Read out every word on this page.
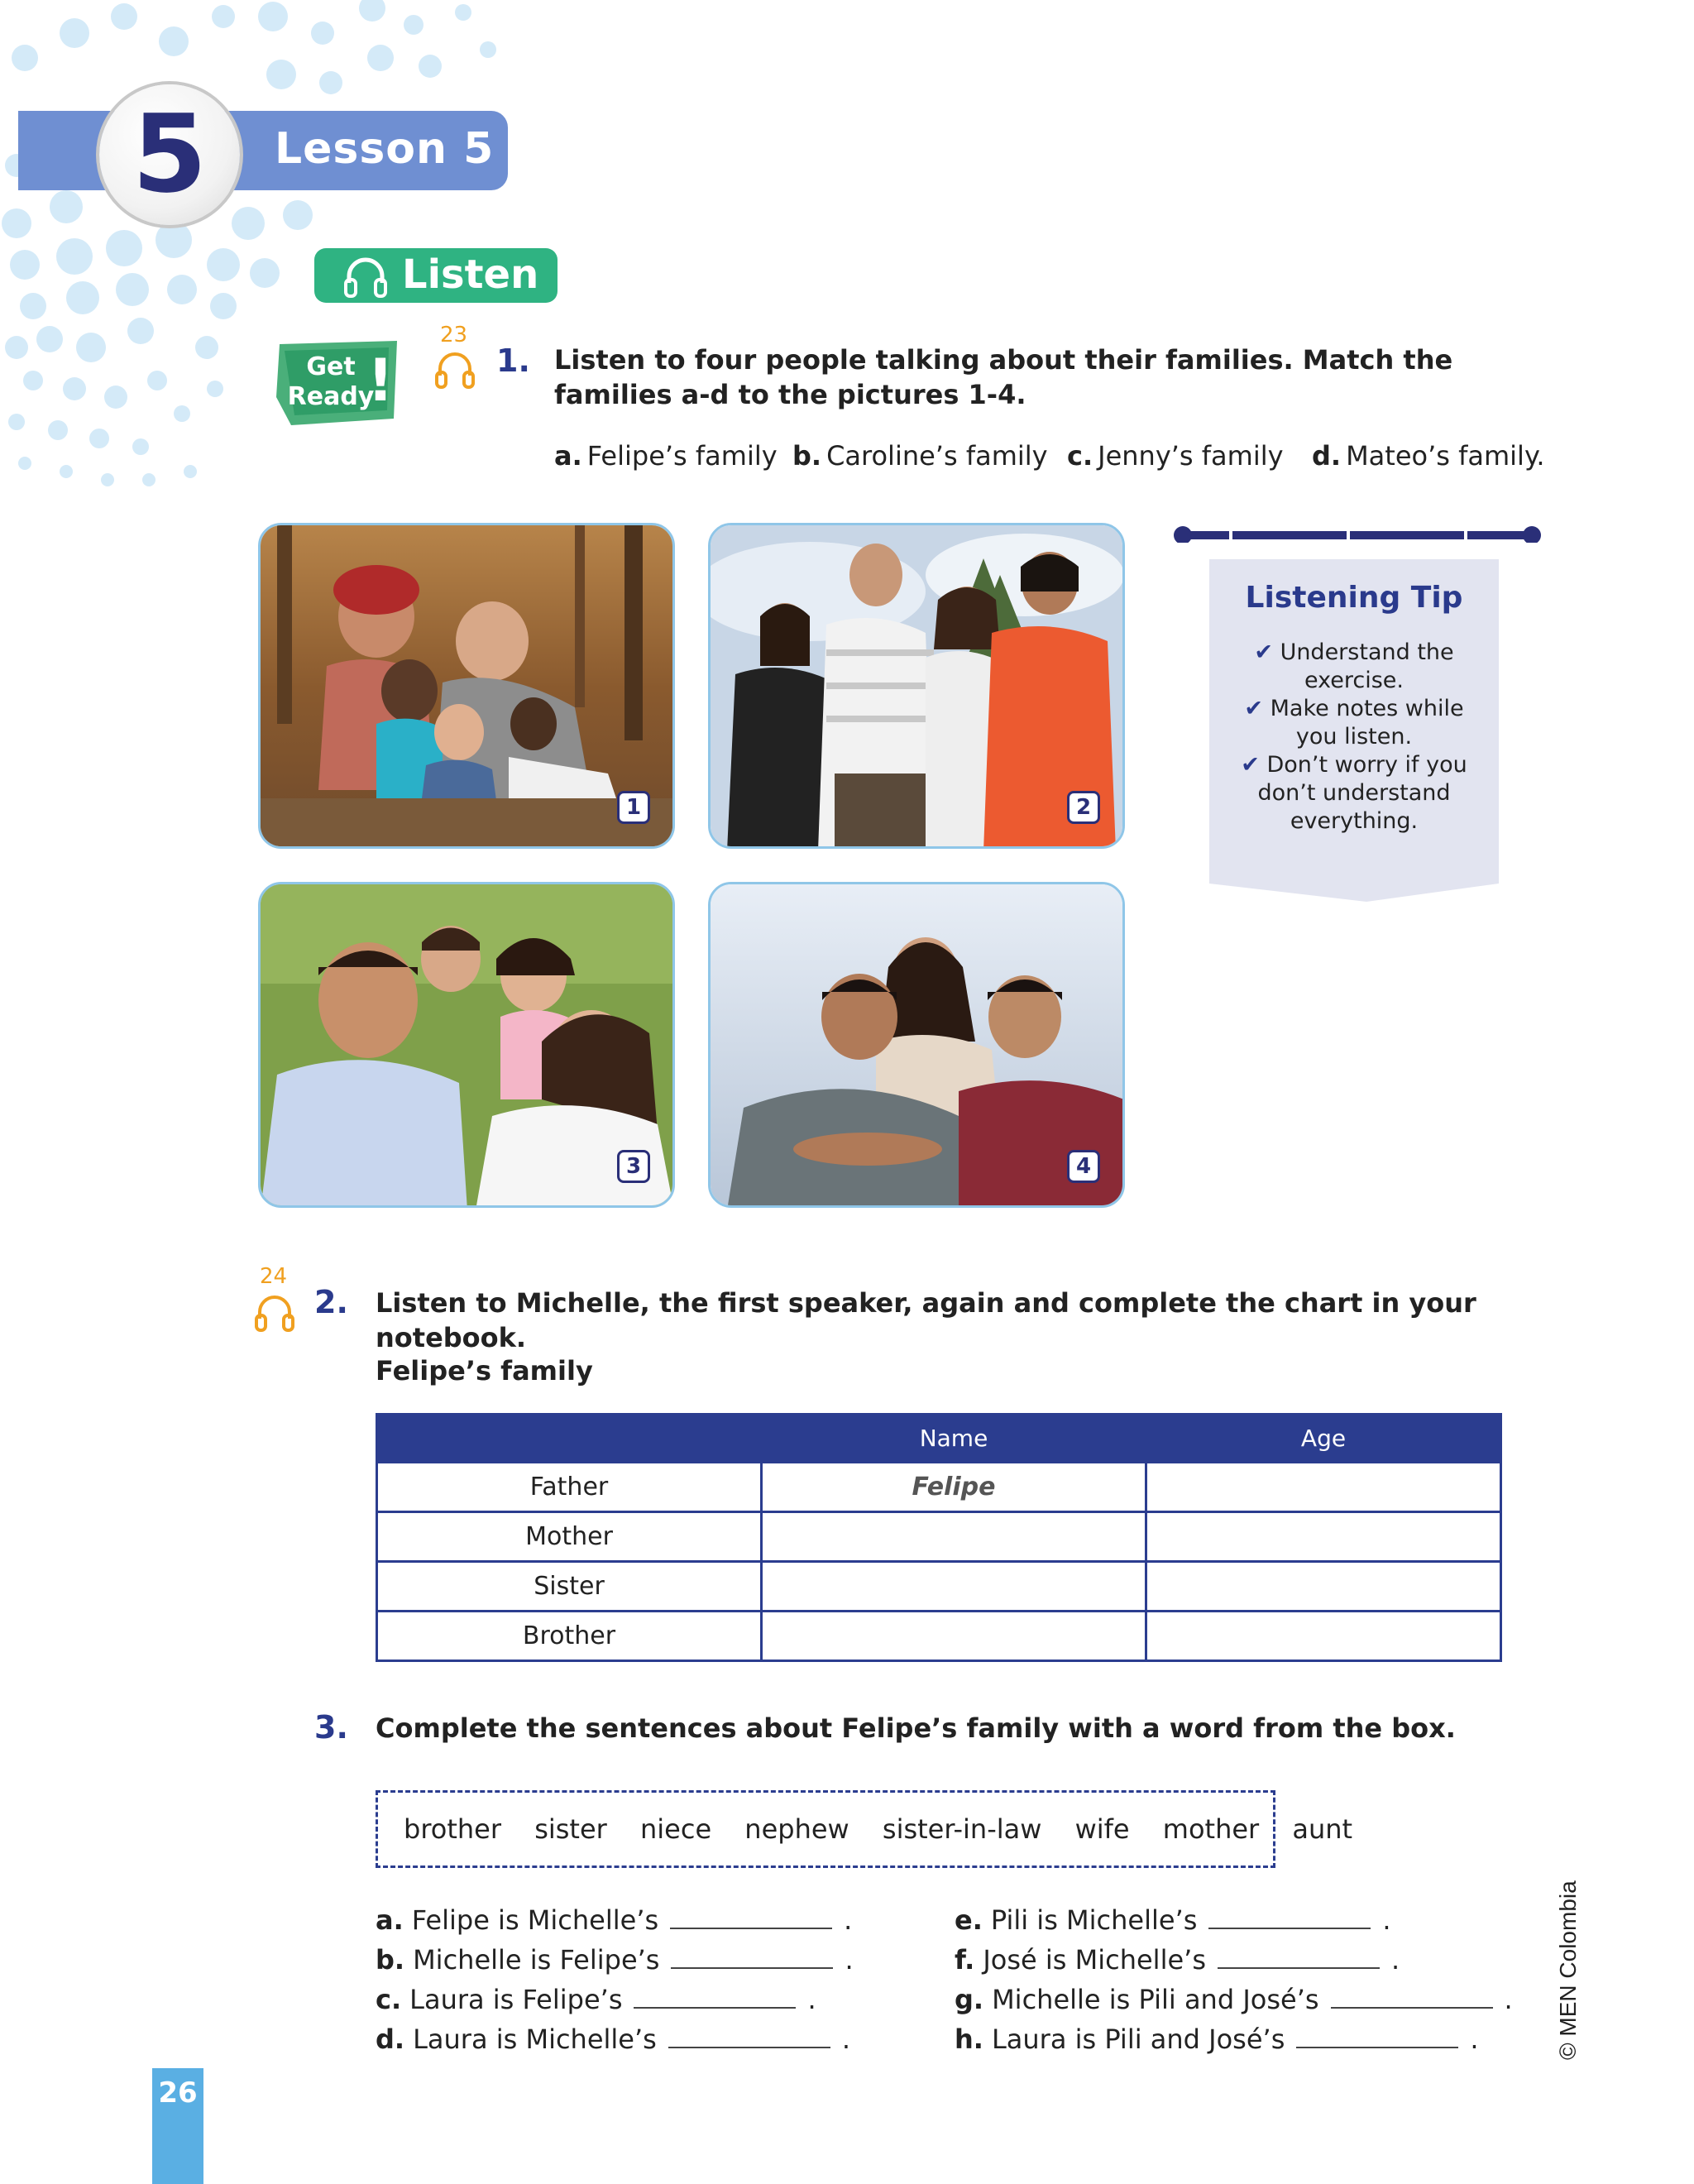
5	Lesson 5
Listen
Get Ready
!
23
1. Listen to four people talking about their families. Match the families a-d to the pictures 1-4.
a. Felipe’s family b. Caroline’s family c. Jenny’s family d. Mateo’s family.
1	2
3	4
Listening Tip
✔ Understand the
exercise.
✔ Make notes while
you listen.
✔ Don’t worry if you
don’t understand
everything.
24
2. Listen to Michelle, the first speaker, again and complete the chart in your notebook.
Felipe’s family
	Name	Age
Father	Felipe	
Mother		
Sister		
Brother		
3. Complete the sentences about Felipe’s family with a word from the box.
brother sister niece nephew sister-in-law wife mother aunt
a. Felipe is Michelle’s	.
b. Michelle is Felipe’s	.
c. Laura is Felipe’s	.
d. Laura is Michelle’s	.
e. Pili is Michelle’s	.
f. José is Michelle’s	.
g. Michelle is Pili and José’s	.
h. Laura is Pili and José’s	.
26
© MEN Colombia
